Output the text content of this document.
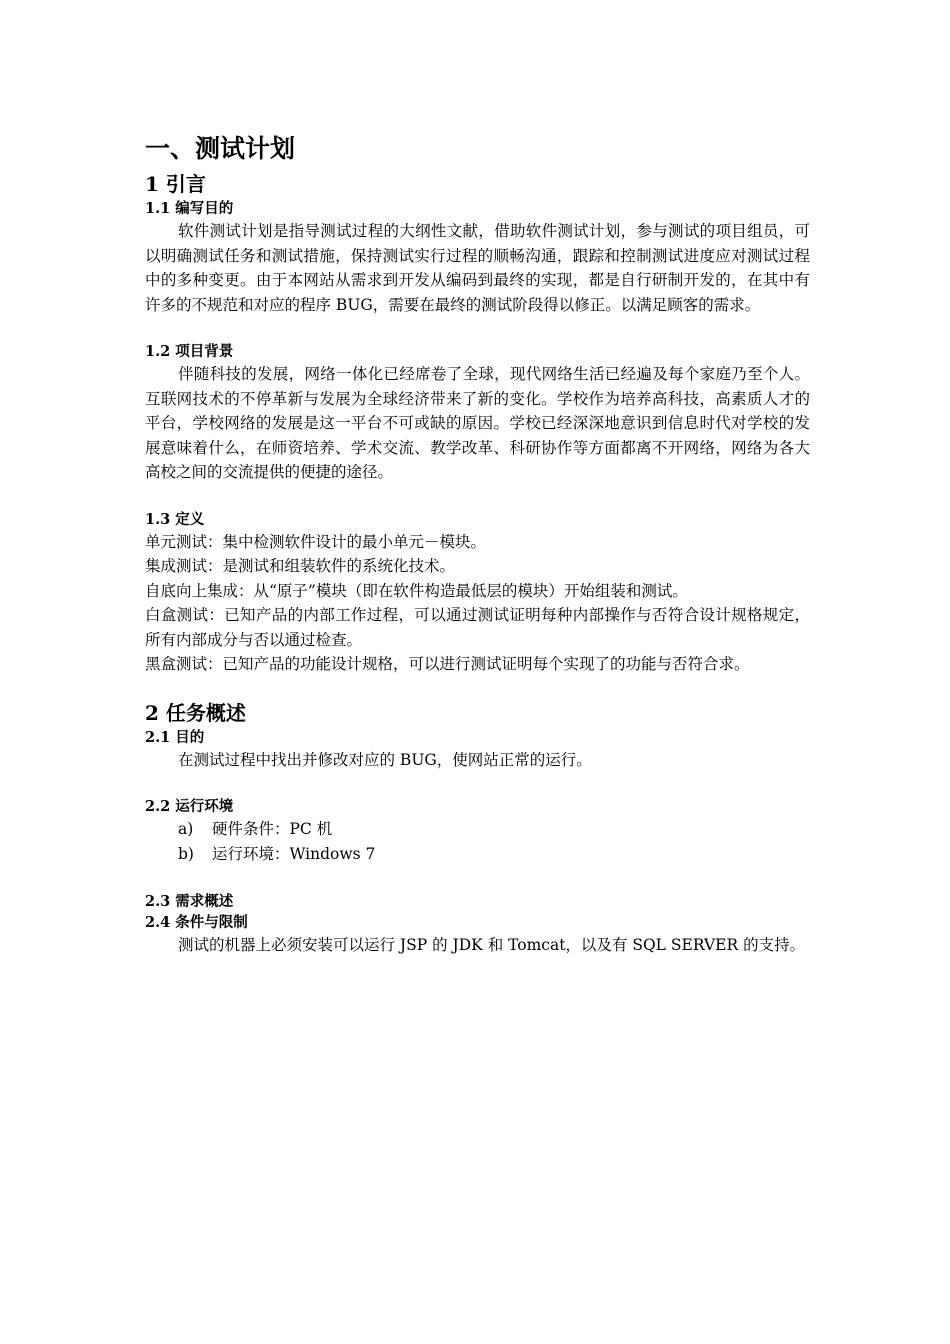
一、测试计划
1 引言
1.1 编写目的

软件测试计划是指导测试过程的大纲性文献，借助软件测试计划，参与测试的项目组员，可以明确测试任务和测试措施，保持测试实行过程的顺畅沟通，跟踪和控制测试进度应对测试过程中的多种变更。由于本网站从需求到开发从编码到最终的实现，都是自行研制开发的，在其中有许多的不规范和对应的程序 BUG，需要在最终的测试阶段得以修正。以满足顾客的需求。

1.2 项目背景

伴随科技的发展，网络一体化已经席卷了全球，现代网络生活已经遍及每个家庭乃至个人。互联网技术的不停革新与发展为全球经济带来了新的变化。学校作为培养高科技，高素质人才的平台，学校网络的发展是这一平台不可或缺的原因。学校已经深深地意识到信息时代对学校的发展意味着什么，在师资培养、学术交流、教学改革、科研协作等方面都离不开网络，网络为各大高校之间的交流提供的便捷的途径。

1.3 定义

单元测试：集中检测软件设计的最小单元－模块。

集成测试：是测试和组装软件的系统化技术。

自底向上集成：从“原子”模块（即在软件构造最低层的模块）开始组装和测试。

白盒测试：已知产品的内部工作过程，可以通过测试证明每种内部操作与否符合设计规格规定，所有内部成分与否以通过检查。

黑盒测试：已知产品的功能设计规格，可以进行测试证明每个实现了的功能与否符合求。

2 任务概述
2.1 目的

在测试过程中找出并修改对应的 BUG，使网站正常的运行。

2.2 运行环境
a) 硬件条件：PC 机
b) 运行环境：Windows 7
2.3 需求概述
2.4 条件与限制

测试的机器上必须安装可以运行 JSP 的 JDK 和 Tomcat，以及有 SQL SERVER 的支持。
